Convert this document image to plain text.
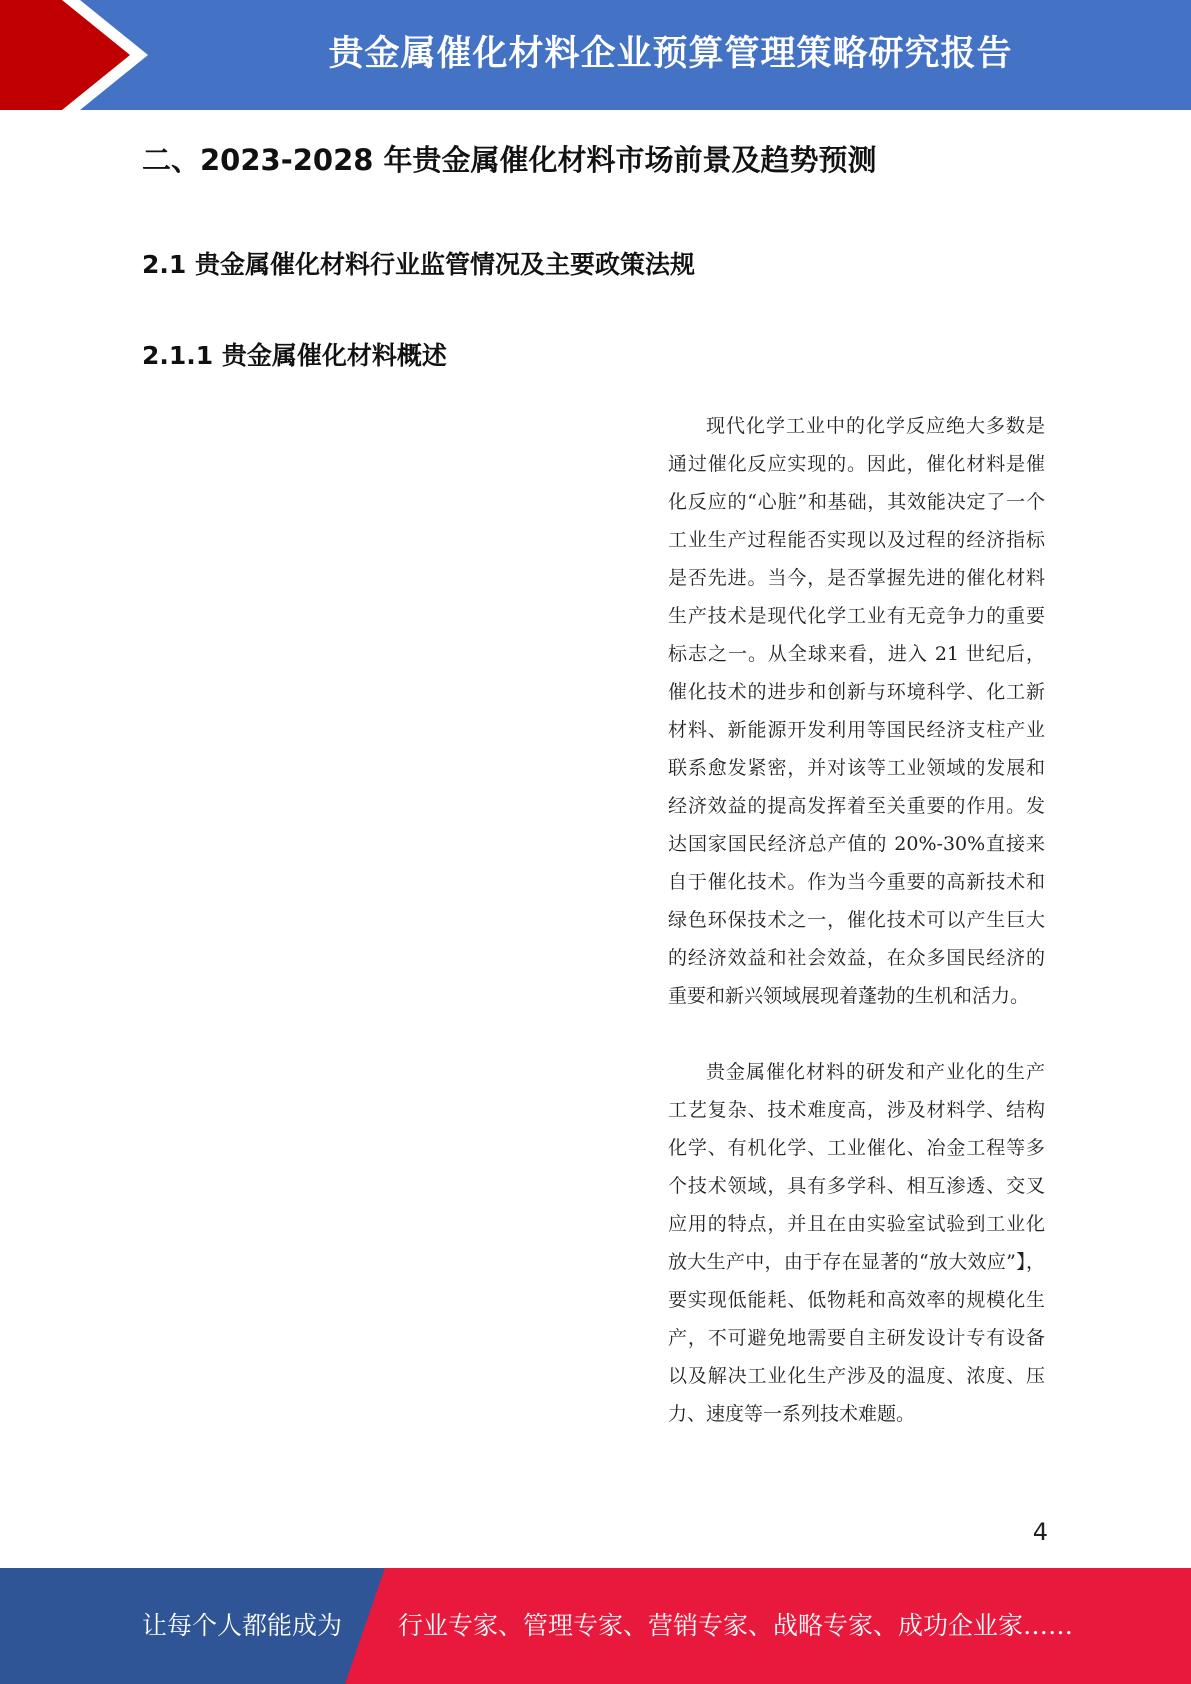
贵金属催化材料企业预算管理策略研究报告
二、2023-2028 年贵金属催化材料市场前景及趋势预测
2.1 贵金属催化材料行业监管情况及主要政策法规
2.1.1 贵金属催化材料概述

现代化学工业中的化学反应绝大多数是通过催化反应实现的。因此，催化材料是催化反应的“心脏”和基础，其效能决定了一个工业生产过程能否实现以及过程的经济指标是否先进。当今，是否掌握先进的催化材料生产技术是现代化学工业有无竞争力的重要标志之一。从全球来看，进入 21 世纪后，催化技术的进步和创新与环境科学、化工新材料、新能源开发利用等国民经济支柱产业联系愈发紧密，并对该等工业领域的发展和经济效益的提高发挥着至关重要的作用。发达国家国民经济总产值的 20%-30%直接来自于催化技术。作为当今重要的高新技术和绿色环保技术之一，催化技术可以产生巨大的经济效益和社会效益，在众多国民经济的重要和新兴领域展现着蓬勃的生机和活力。

贵金属催化材料的研发和产业化的生产工艺复杂、技术难度高，涉及材料学、结构化学、有机化学、工业催化、冶金工程等多个技术领域，具有多学科、相互渗透、交叉应用的特点，并且在由实验室试验到工业化放大生产中，由于存在显著的“放大效应”】，要实现低能耗、低物耗和高效率的规模化生产，不可避免地需要自主研发设计专有设备以及解决工业化生产涉及的温度、浓度、压力、速度等一系列技术难题。

4
让每个人都能成为 行业专家、管理专家、营销专家、战略专家、成功企业家……
